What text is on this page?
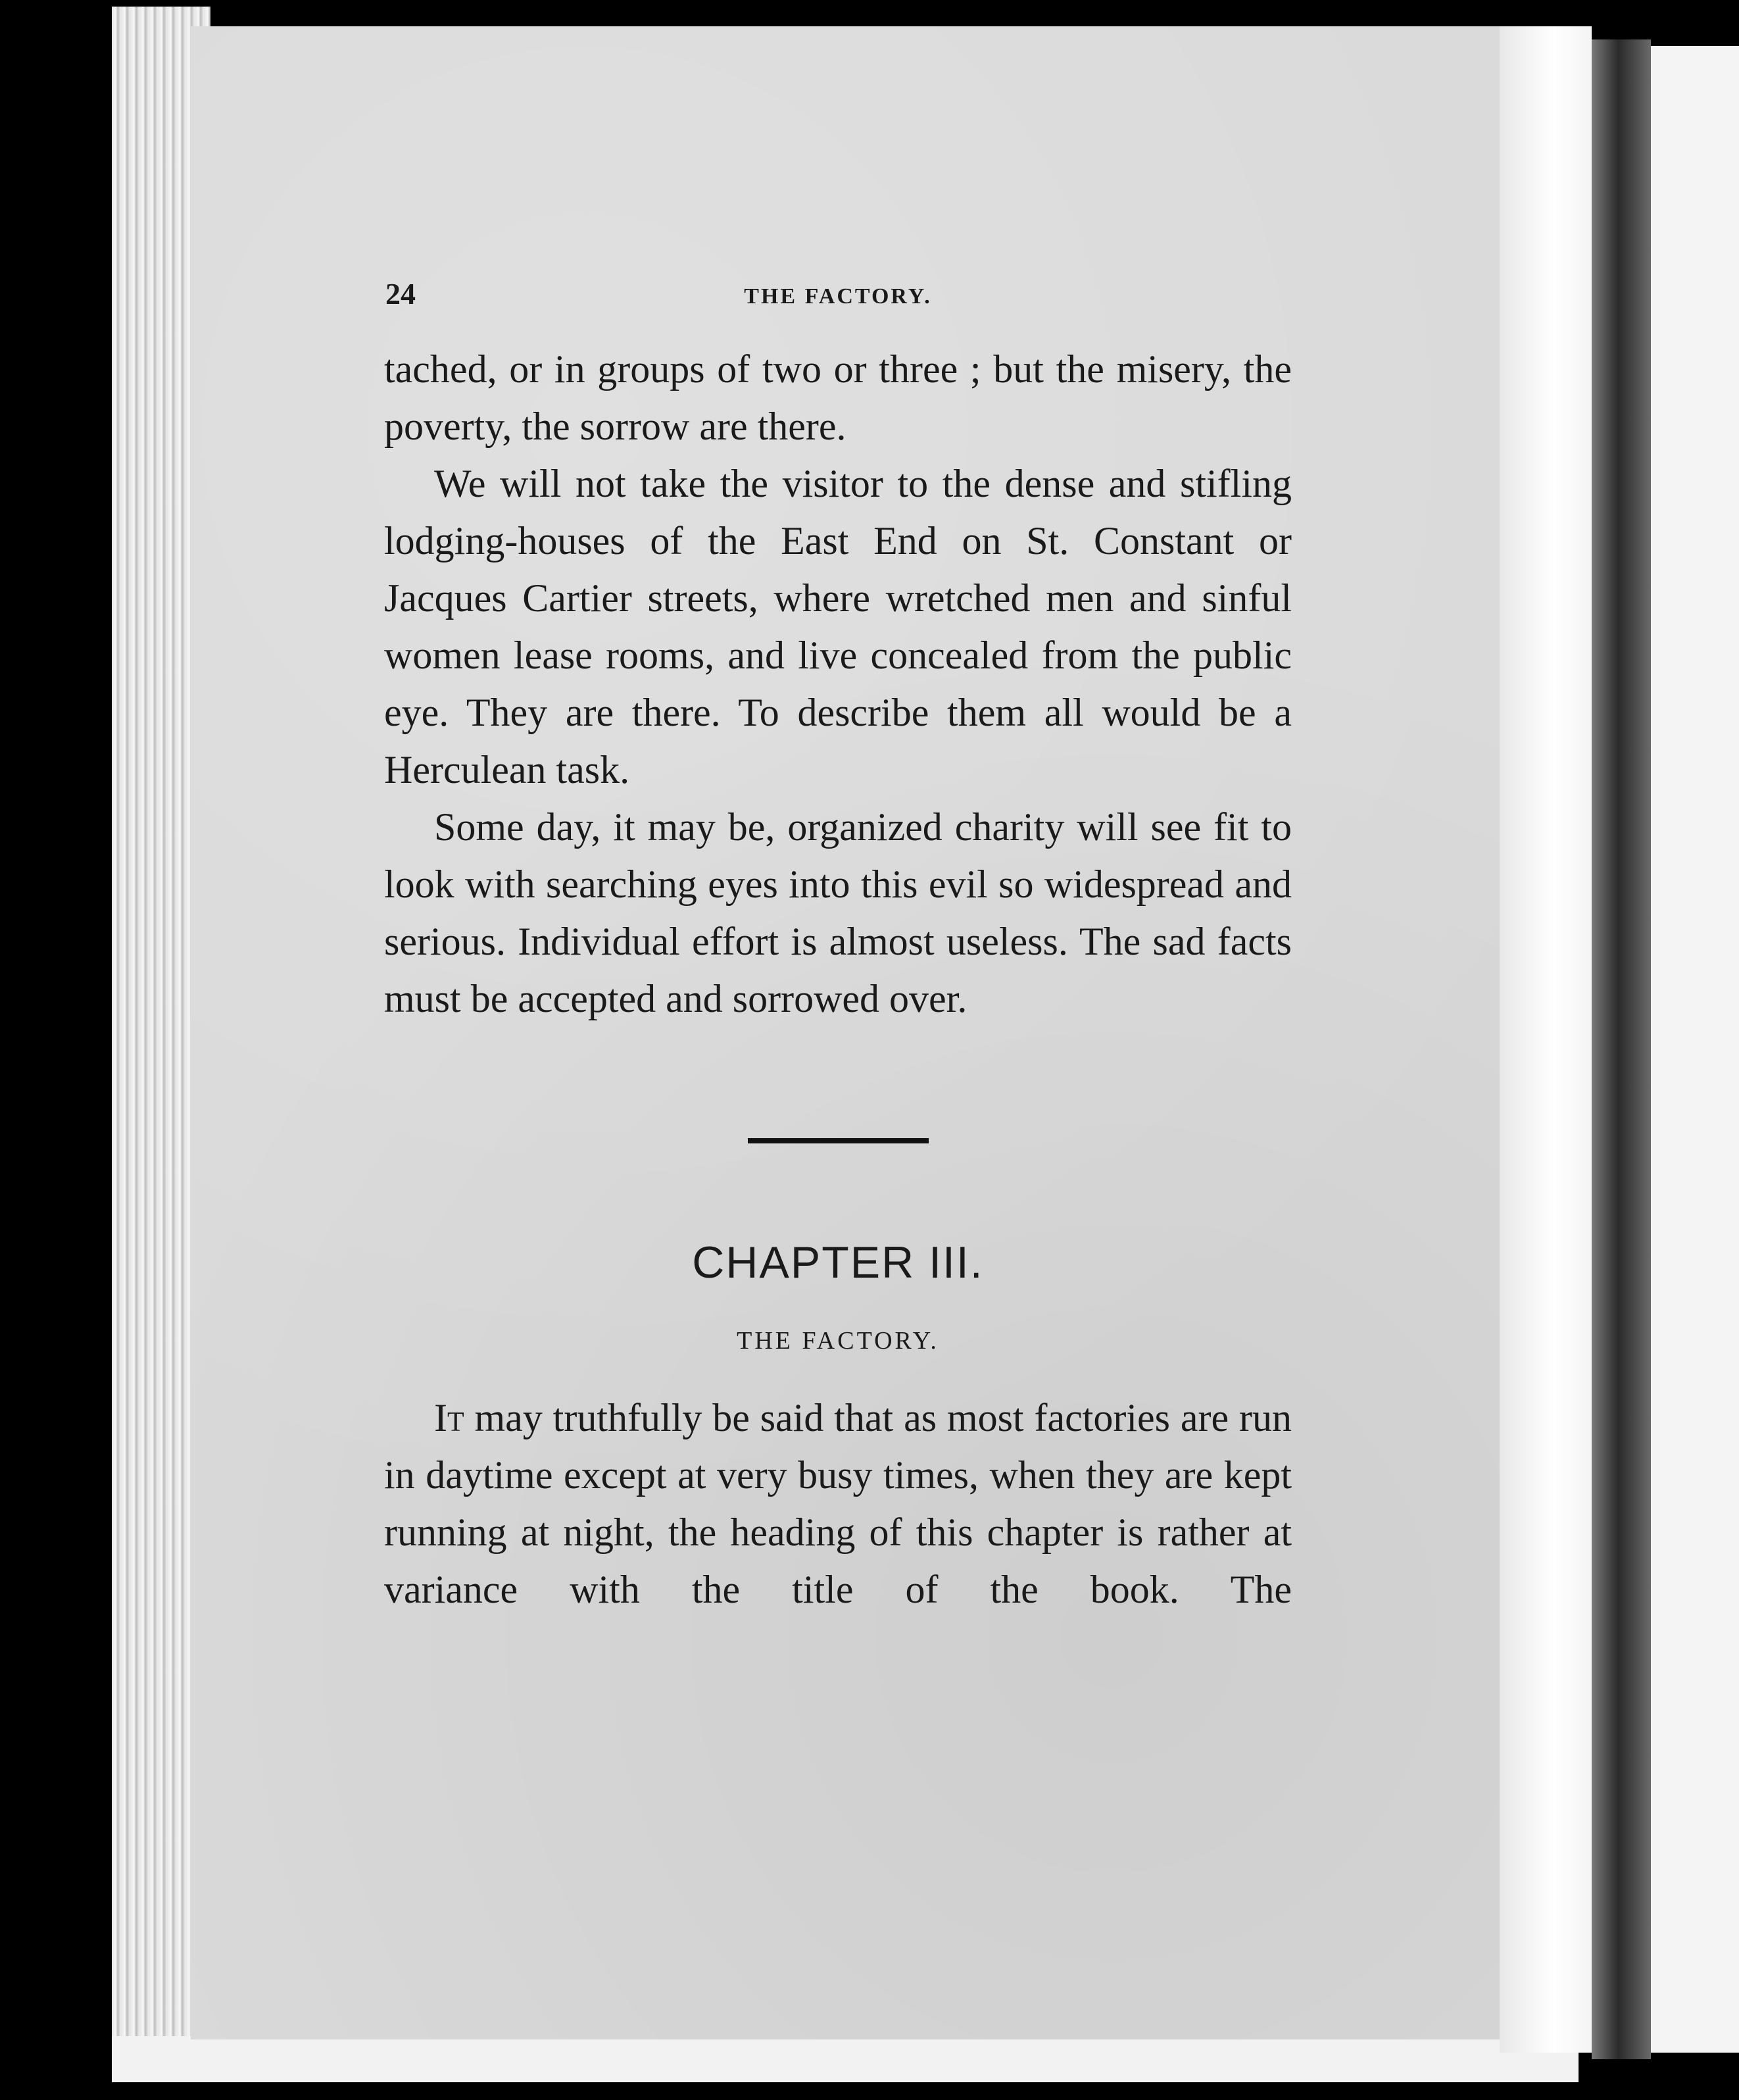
24	THE FACTORY.

tached, or in groups of two or three ; but the misery, the poverty, the sorrow are there.

We will not take the visitor to the dense and stifling lodging-houses of the East End on St. Constant or Jacques Cartier streets, where wretched men and sinful women lease rooms, and live concealed from the public eye. They are there. To describe them all would be a Herculean task.

Some day, it may be, organized charity will see fit to look with searching eyes into this evil so widespread and serious. Individual effort is almost useless. The sad facts must be accepted and sorrowed over.

CHAPTER III.
THE FACTORY.

It may truthfully be said that as most factories are run in daytime except at very busy times, when they are kept running at night, the heading of this chapter is rather at variance with the title of the book. The
